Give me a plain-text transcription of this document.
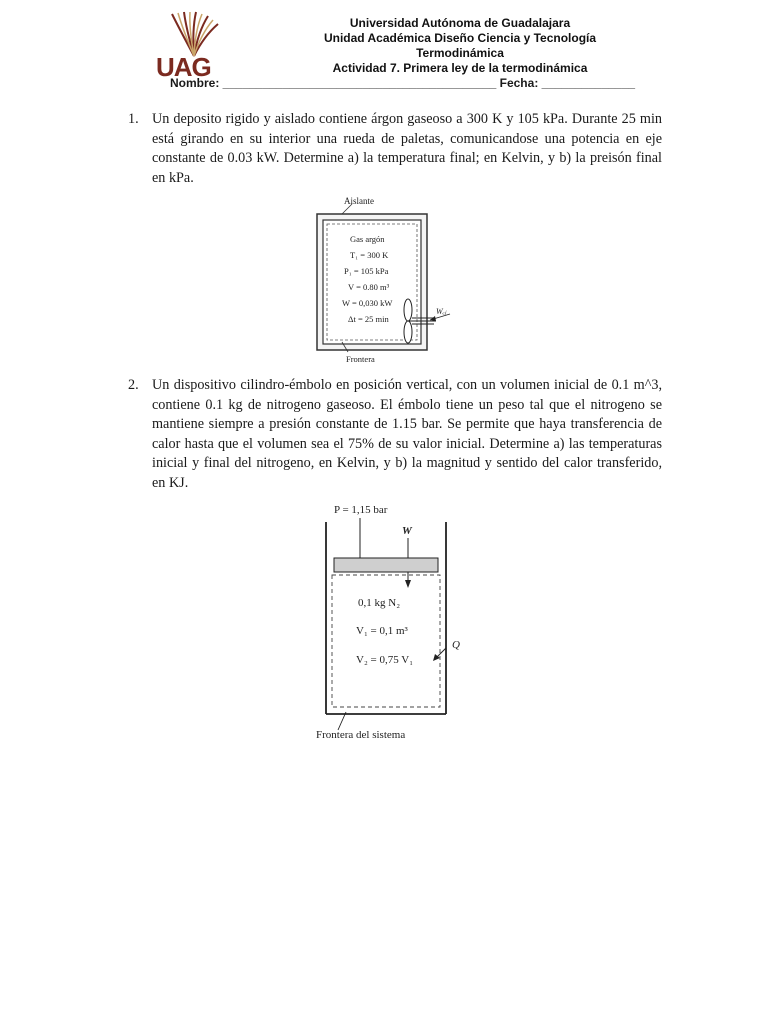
UAG
Universidad Autónoma de Guadalajara
Unidad Académica Diseño Ciencia y Tecnología
Termodinámica
Actividad 7. Primera ley de la termodinámica
Nombre: _________________________________________ Fecha: ______________
1. Un deposito rigido y aislado contiene árgon gaseoso a 300 K y 105 kPa. Durante 25 min está girando en su interior una rueda de paletas, comunicandose una potencia en eje constante de 0.03 kW. Determine a) la temperatura final; en Kelvin, y b) la preisón final en kPa.
Aislante
Gas argón
T₁ = 300 K
P₁ = 105 kPa
V = 0.80 m³
W = 0,030 kW
Δt = 25 min
Wₑⱼ
Frontera
2. Un dispositivo cilindro-émbolo en posición vertical, con un volumen inicial de 0.1 m^3, contiene 0.1 kg de nitrogeno gaseoso. El émbolo tiene un peso tal que el nitrogeno se mantiene siempre a presión constante de 1.15 bar. Se permite que haya transferencia de calor hasta que el volumen sea el 75% de su valor inicial. Determine a) las temperaturas inicial y final del nitrogeno, en Kelvin, y b) la magnitud y sentido del calor transferido, en KJ.
P = 1,15 bar
W
0,1 kg N₂
V₁ = 0,1 m³
V₂ = 0,75 V₁
Q
Frontera del sistema
